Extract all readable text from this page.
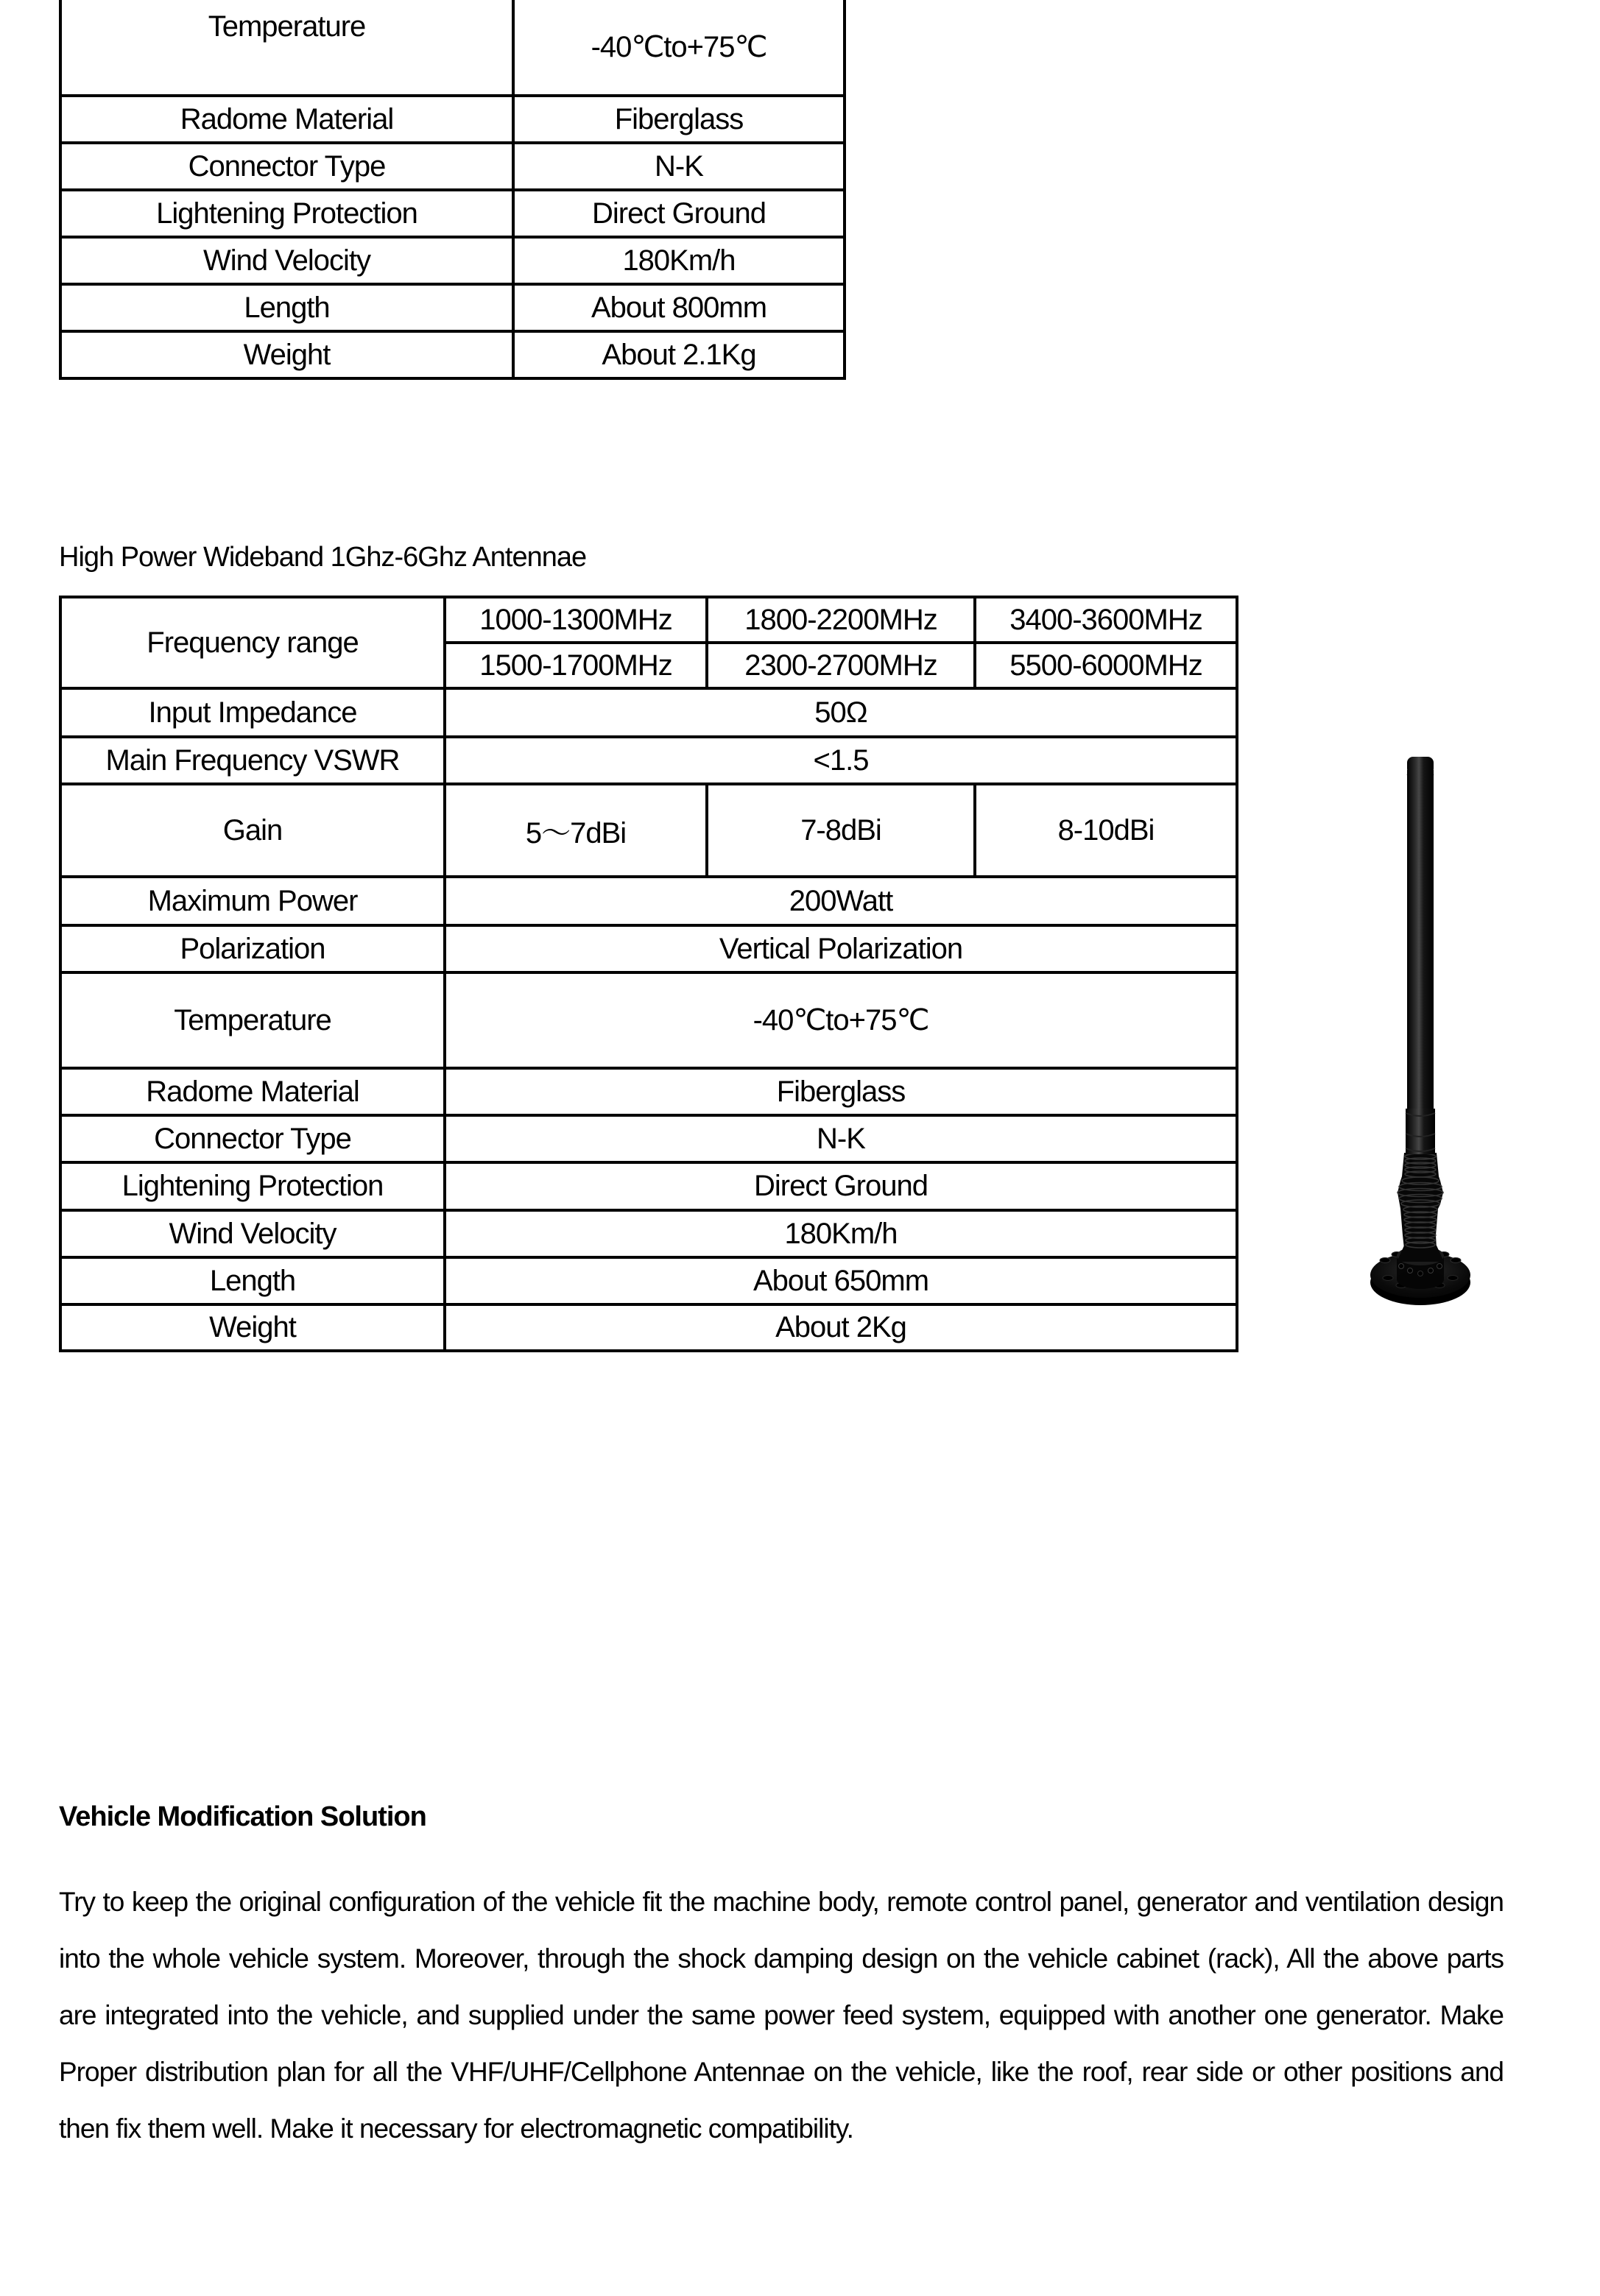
Temperature	-40℃to+75℃
Radome Material	Fiberglass
Connector Type	N-K
Lightening Protection	Direct Ground
Wind Velocity	180Km/h
Length	About 800mm
Weight	About 2.1Kg
High Power Wideband 1Ghz-6Ghz Antennae
Frequency range	1000-1300MHz	1800-2200MHz	3400-3600MHz
	1500-1700MHz	2300-2700MHz	5500-6000MHz
Input Impedance	50Ω		
Main Frequency VSWR	<1.5		
Gain	5～7dBi	7-8dBi	8-10dBi
Maximum Power	200Watt		
Polarization	Vertical Polarization		
Temperature	-40℃to+75℃		
Radome Material	Fiberglass		
Connector Type	N-K		
Lightening Protection	Direct Ground		
Wind Velocity	180Km/h		
Length	About 650mm		
Weight	About 2Kg		
Vehicle Modification Solution
Try to keep the original configuration of the vehicle fit the machine body, remote control panel, generator and ventilation design into the whole vehicle system. Moreover, through the shock damping design on the vehicle cabinet (rack), All the above parts are integrated into the vehicle, and supplied under the same power feed system, equipped with another one generator. Make Proper distribution plan for all the VHF/UHF/Cellphone Antennae on the vehicle, like the roof, rear side or other positions and then fix them well. Make it necessary for electromagnetic compatibility.
